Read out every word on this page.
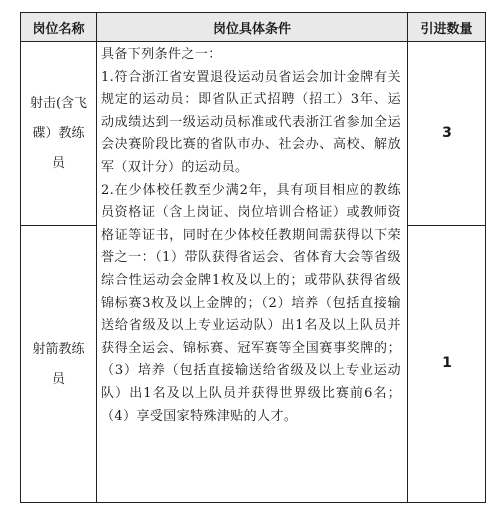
岗位名称	岗位具体条件	引进数量
射击(含飞碟）教练员
射箭教练员

具备下列条件之一：

1.符合浙江省安置退役运动员省运会加计金牌有关规定的运动员：即省队正式招聘（招工）3年、运动成绩达到一级运动员标准或代表浙江省参加全运会决赛阶段比赛的省队市办、社会办、高校、解放军（双计分）的运动员。

2.在少体校任教至少满2年，具有项目相应的教练员资格证（含上岗证、岗位培训合格证）或教师资格证等证书，同时在少体校任教期间需获得以下荣誉之一：（1）带队获得省运会、省体育大会等省级综合性运动会金牌1枚及以上的；或带队获得省级锦标赛3枚及以上金牌的；（2）培养（包括直接输送给省级及以上专业运动队）出1名及以上队员并获得全运会、锦标赛、冠军赛等全国赛事奖牌的；（3）培养（包括直接输送给省级及以上专业运动队）出1名及以上队员并获得世界级比赛前6名；（4）享受国家特殊津贴的人才。

3
1
